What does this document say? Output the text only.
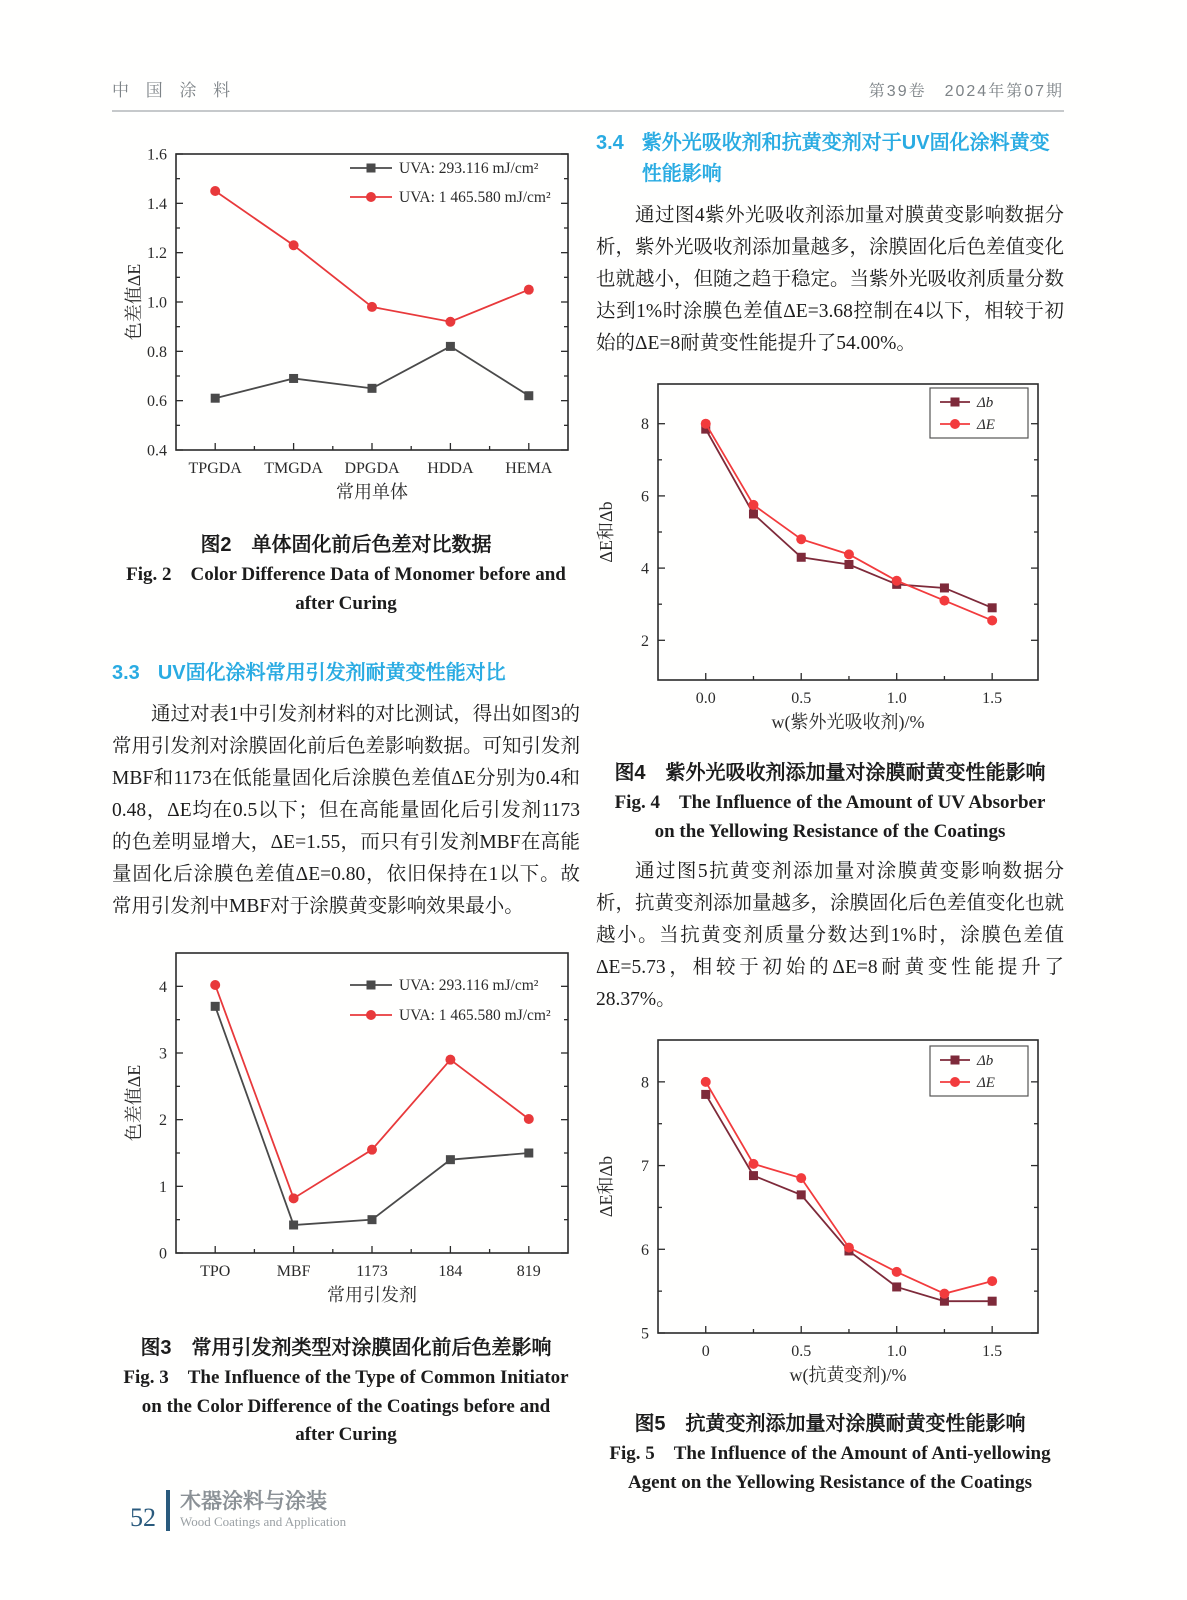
中 国 涂 料	第39卷　2024年第07期
0.4
0.6
0.8
1.0
1.2
1.4
1.6
TPGDA TMGDA DPGDA HDDA HEMA
UVA: 293.116 mJ/cm²
UVA: 1 465.580 mJ/cm²
常用单体
色差值ΔE
图2　单体固化前后色差对比数据
Fig. 2　Color Difference Data of Monomer before and after Curing
3.3 UV固化涂料常用引发剂耐黄变性能对比

通过对表1中引发剂材料的对比测试，得出如图3的常用引发剂对涂膜固化前后色差影响数据。可知引发剂MBF和1173在低能量固化后涂膜色差值ΔE分别为0.4和0.48，ΔE均在0.5以下；但在高能量固化后引发剂1173的色差明显增大，ΔE=1.55，而只有引发剂MBF在高能量固化后涂膜色差值ΔE=0.80，依旧保持在1以下。故常用引发剂中MBF对于涂膜黄变影响效果最小。

0
1
2
3
4
TPO	MBF	1173	184	819
UVA: 293.116 mJ/cm²
UVA: 1 465.580 mJ/cm²
常用引发剂
色差值ΔE
图3　常用引发剂类型对涂膜固化前后色差影响
Fig. 3　The Influence of the Type of Common Initiator on the Color Difference of the Coatings before and after Curing
3.4 紫外光吸收剂和抗黄变剂对于UV固化涂料黄变性能影响

通过图4紫外光吸收剂添加量对膜黄变影响数据分析，紫外光吸收剂添加量越多，涂膜固化后色差值变化也就越小，但随之趋于稳定。当紫外光吸收剂质量分数达到1%时涂膜色差值ΔE=3.68控制在4以下，相较于初始的ΔE=8耐黄变性能提升了54.00%。

2
4
6
8
0.0	0.5	1.0	1.5
Δb
ΔE
w(紫外光吸收剂)/%
ΔE和Δb
图4　紫外光吸收剂添加量对涂膜耐黄变性能影响
Fig. 4　The Influence of the Amount of UV Absorber on the Yellowing Resistance of the Coatings

通过图5抗黄变剂添加量对涂膜黄变影响数据分析，抗黄变剂添加量越多，涂膜固化后色差值变化也就越小。当抗黄变剂质量分数达到1%时，涂膜色差值ΔE=5.73，相较于初始的ΔE=8耐黄变性能提升了28.37%。

5
6
7
8
0	0.5	1.0	1.5
Δb
ΔE
w(抗黄变剂)/%
ΔE和Δb
图5　抗黄变剂添加量对涂膜耐黄变性能影响
Fig. 5　The Influence of the Amount of Anti-yellowing Agent on the Yellowing Resistance of the Coatings
52
木器涂料与涂装
Wood Coatings and Application
